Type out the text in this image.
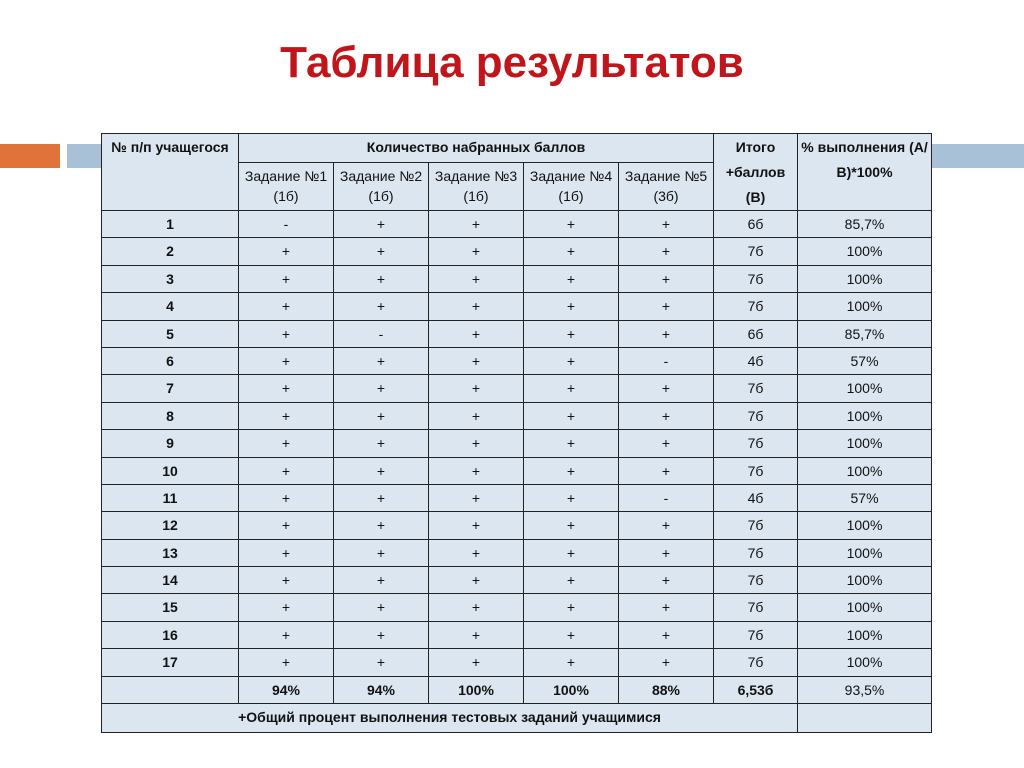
Таблица результатов
№ п/п учащегося	Количество набранных баллов					Итого +баллов (В)	% выполнения (А/В)*100%
	Задание №1 (1б)	Задание №2 (1б)	Задание №3 (1б)	Задание №4 (1б)	Задание №5 (3б)		
1	-	+	+	+	+	6б	85,7%
2	+	+	+	+	+	7б	100%
3	+	+	+	+	+	7б	100%
4	+	+	+	+	+	7б	100%
5	+	-	+	+	+	6б	85,7%
6	+	+	+	+	-	4б	57%
7	+	+	+	+	+	7б	100%
8	+	+	+	+	+	7б	100%
9	+	+	+	+	+	7б	100%
10	+	+	+	+	+	7б	100%
11	+	+	+	+	-	4б	57%
12	+	+	+	+	+	7б	100%
13	+	+	+	+	+	7б	100%
14	+	+	+	+	+	7б	100%
15	+	+	+	+	+	7б	100%
16	+	+	+	+	+	7б	100%
17	+	+	+	+	+	7б	100%
	94%	94%	100%	100%	88%	6,53б	93,5%
+Общий процент выполнения тестовых заданий учащимися							
